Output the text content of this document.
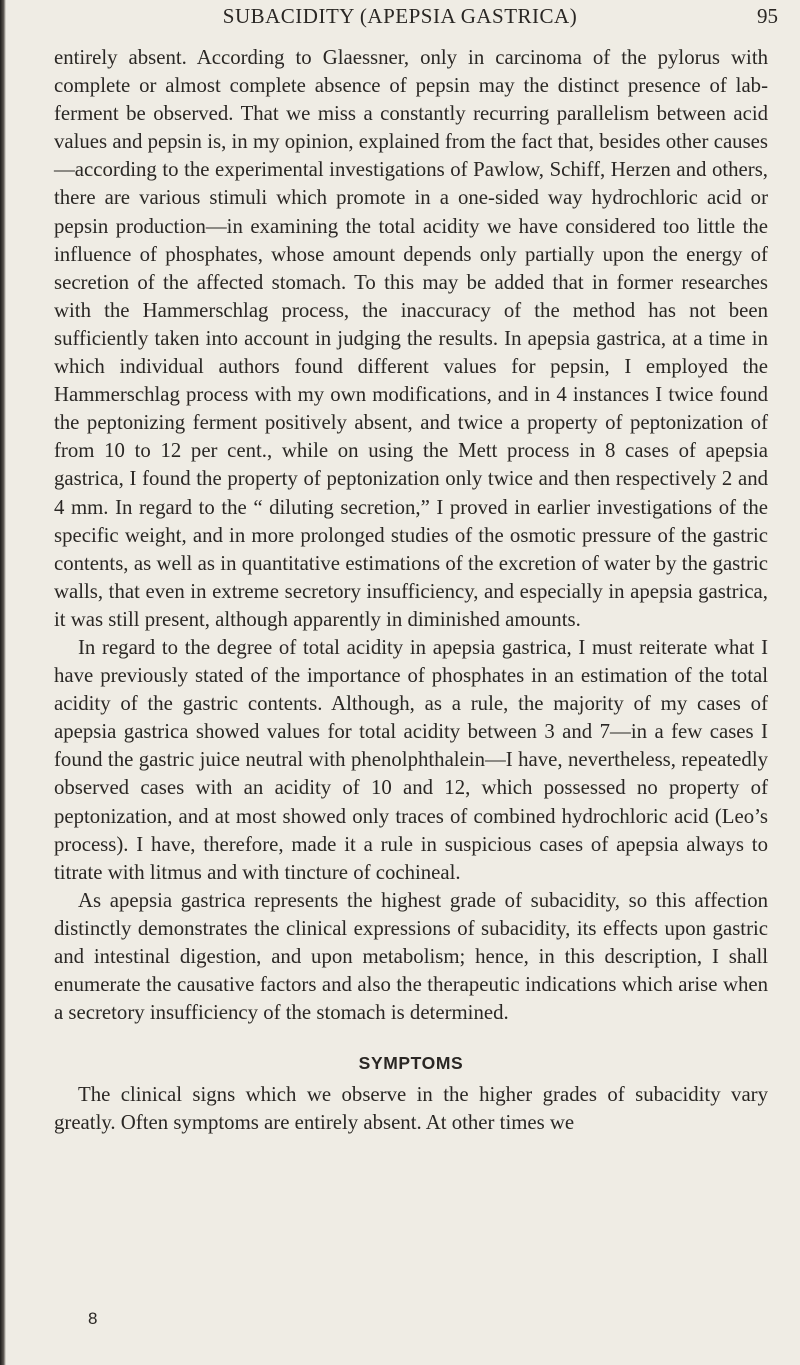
SUBACIDITY (APEPSIA GASTRICA)	95

entirely absent. According to Glaessner, only in carcinoma of the pylorus with complete or almost complete absence of pepsin may the distinct presence of lab-ferment be observed. That we miss a constantly recurring parallelism between acid values and pepsin is, in my opinion, explained from the fact that, besides other causes—according to the experimental investigations of Pawlow, Schiff, Herzen and others, there are various stimuli which promote in a one-sided way hydrochloric acid or pepsin production—in examining the total acidity we have considered too little the influence of phosphates, whose amount depends only partially upon the energy of secretion of the affected stomach. To this may be added that in former researches with the Hammerschlag process, the inaccuracy of the method has not been sufficiently taken into account in judging the results. In apepsia gastrica, at a time in which individual authors found different values for pepsin, I employed the Hammerschlag process with my own modifications, and in 4 instances I twice found the peptonizing ferment positively absent, and twice a property of peptonization of from 10 to 12 per cent., while on using the Mett process in 8 cases of apepsia gastrica, I found the property of peptonization only twice and then respectively 2 and 4 mm. In regard to the “ diluting secretion,” I proved in earlier investigations of the specific weight, and in more prolonged studies of the osmotic pressure of the gastric contents, as well as in quantitative estimations of the excretion of water by the gastric walls, that even in extreme secretory insufficiency, and especially in apepsia gastrica, it was still present, although apparently in diminished amounts.

In regard to the degree of total acidity in apepsia gastrica, I must reiterate what I have previously stated of the importance of phosphates in an estimation of the total acidity of the gastric contents. Although, as a rule, the majority of my cases of apepsia gastrica showed values for total acidity between 3 and 7—in a few cases I found the gastric juice neutral with phenolphthalein—I have, nevertheless, repeatedly observed cases with an acidity of 10 and 12, which possessed no property of peptonization, and at most showed only traces of combined hydrochloric acid (Leo’s process). I have, therefore, made it a rule in suspicious cases of apepsia always to titrate with litmus and with tincture of cochineal.

As apepsia gastrica represents the highest grade of subacidity, so this affection distinctly demonstrates the clinical expressions of subacidity, its effects upon gastric and intestinal digestion, and upon metabolism; hence, in this description, I shall enumerate the causative factors and also the therapeutic indications which arise when a secretory insufficiency of the stomach is determined.

SYMPTOMS

The clinical signs which we observe in the higher grades of subacidity vary greatly. Often symptoms are entirely absent. At other times we

8
